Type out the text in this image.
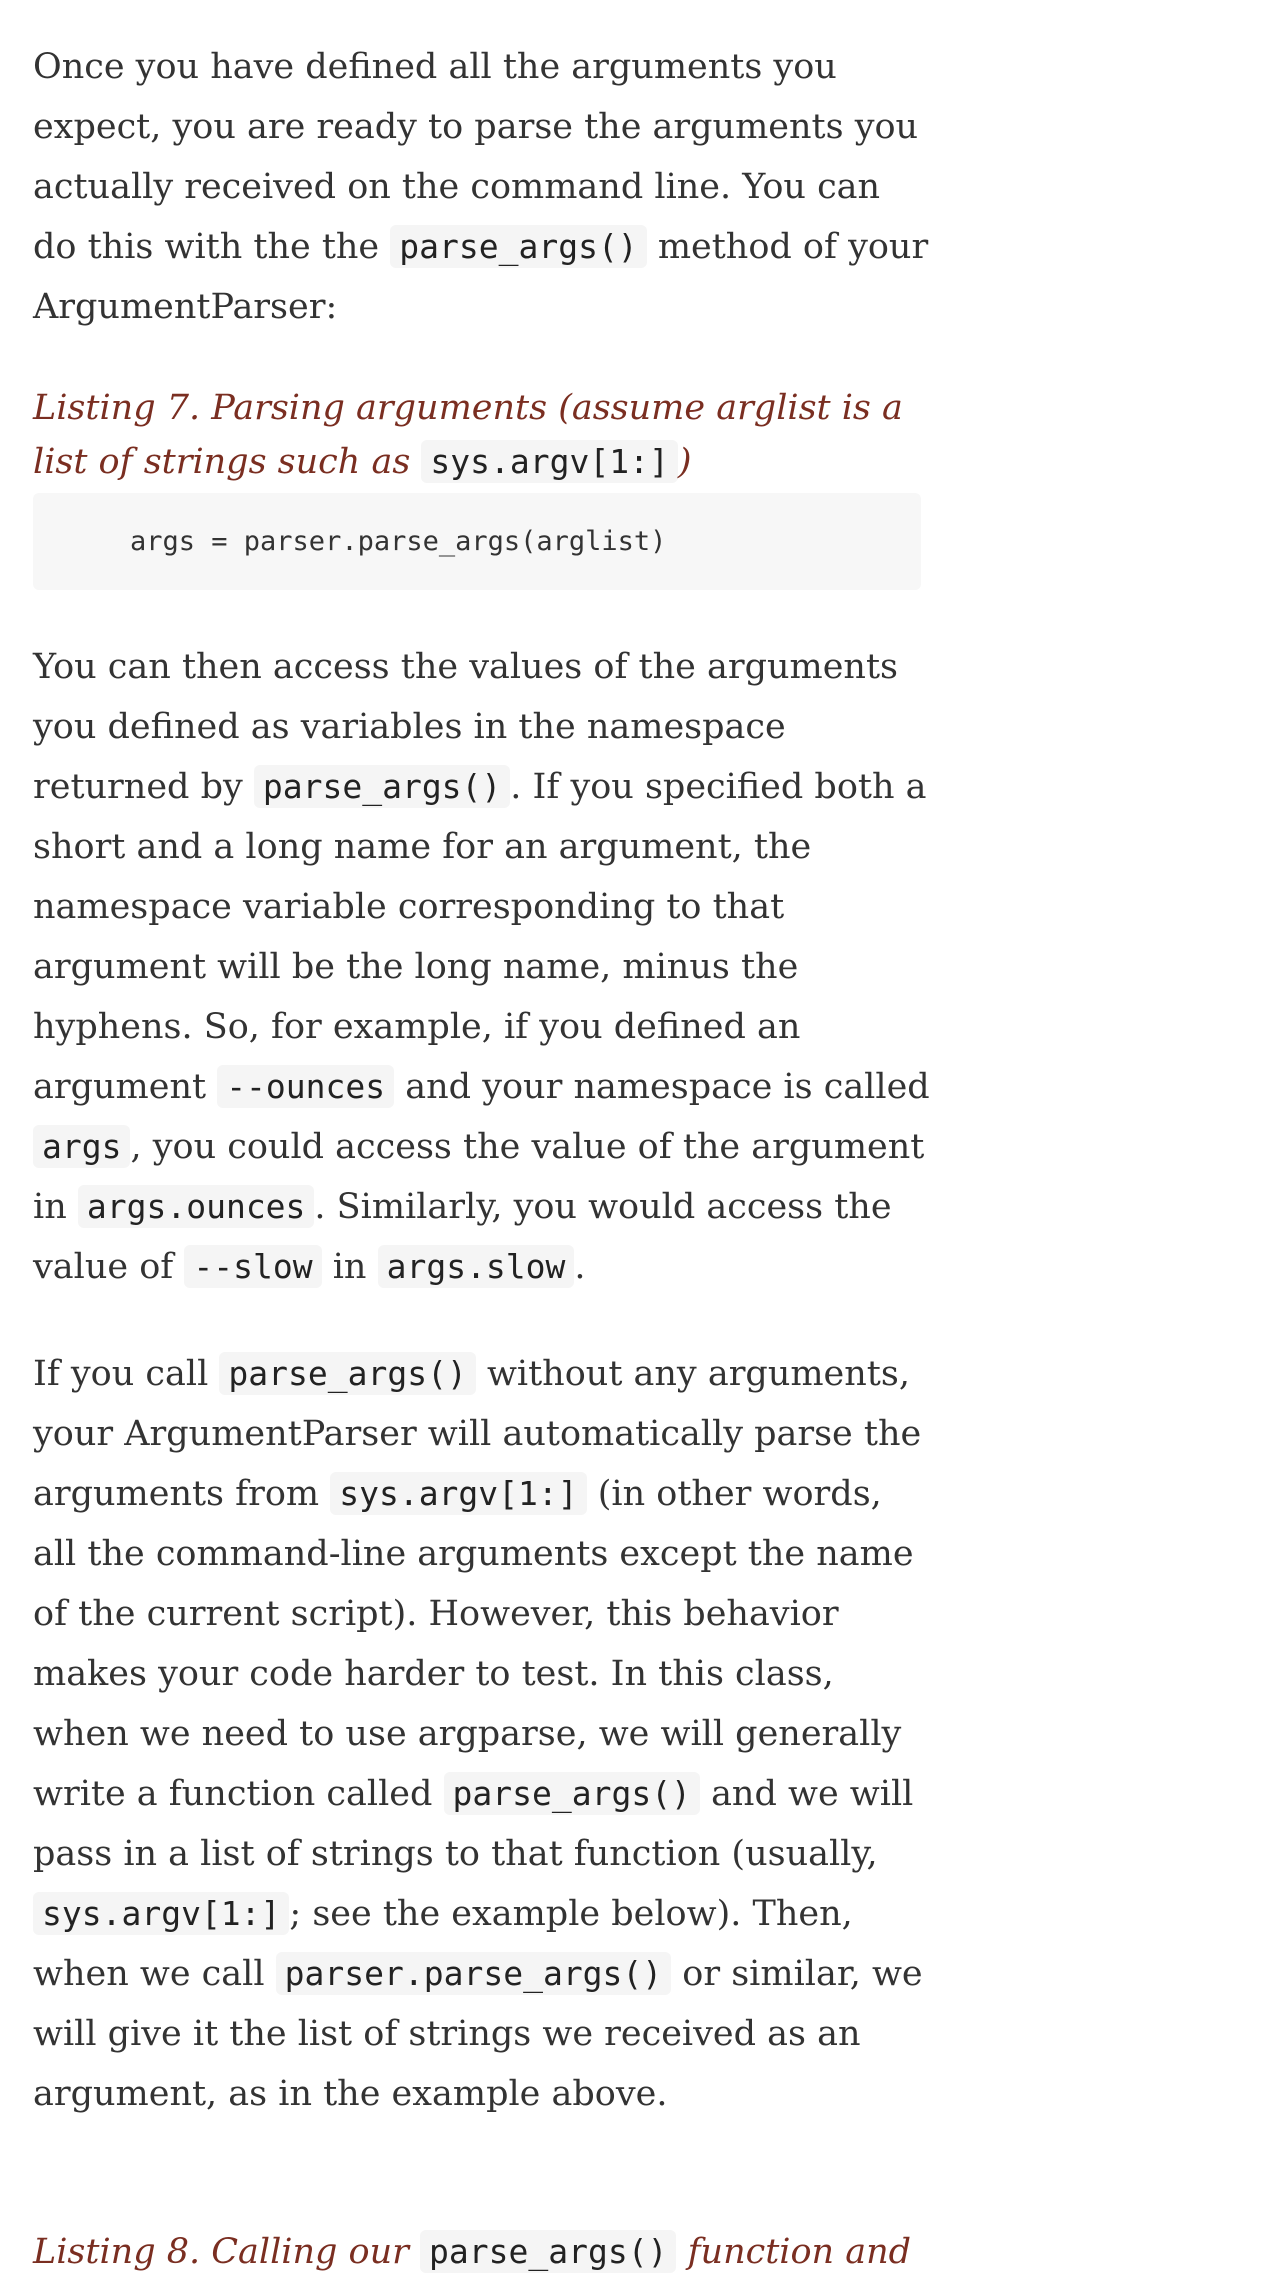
Once you have defined all the arguments you expect, you are ready to parse the arguments you actually received on the command line. You can do this with the the parse_args() method of your ArgumentParser:

Listing 7. Parsing arguments (assume arglist is a list of strings such as sys.argv[1:] )
args = parser.parse_args(arglist)

You can then access the values of the arguments you defined as variables in the namespace returned by parse_args() . If you specified both a short and a long name for an argument, the namespace variable corresponding to that argument will be the long name, minus the hyphens. So, for example, if you defined an argument --ounces and your namespace is called args , you could access the value of the argument in args.ounces . Similarly, you would access the value of --slow in args.slow .

If you call parse_args() without any arguments, your ArgumentParser will automatically parse the arguments from sys.argv[1:] (in other words, all the command-line arguments except the name of the current script). However, this behavior makes your code harder to test. In this class, when we need to use argparse, we will generally write a function called parse_args() and we will pass in a list of strings to that function (usually, sys.argv[1:] ; see the example below). Then, when we call parser.parse_args() or similar, we will give it the list of strings we received as an argument, as in the example above.

Listing 8. Calling our parse_args() function and
